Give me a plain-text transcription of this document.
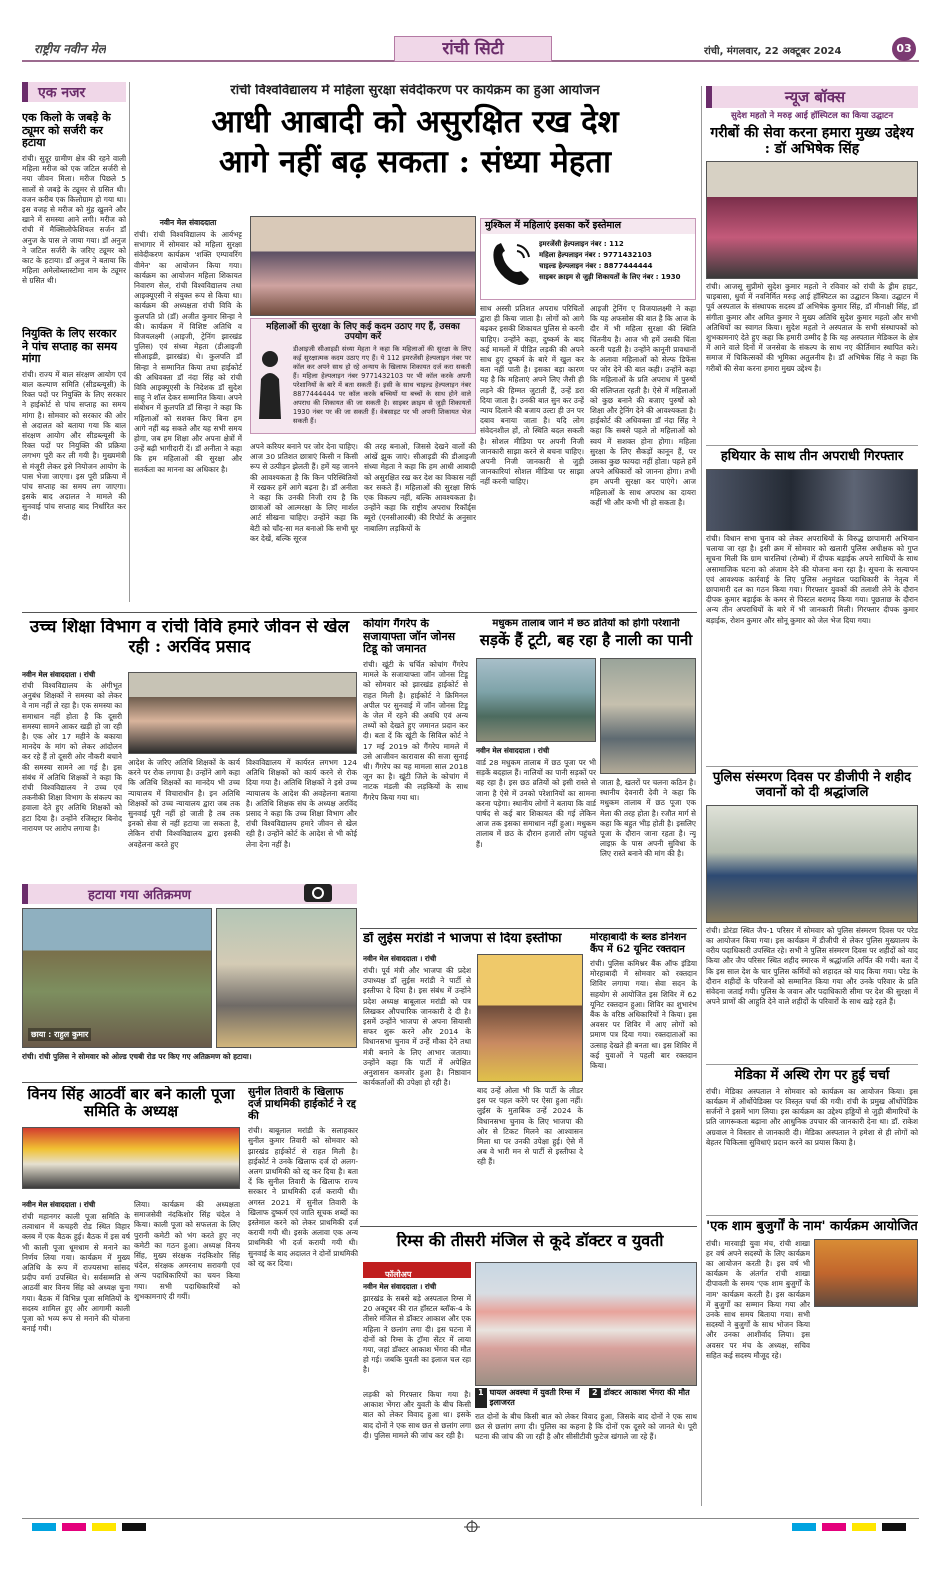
राष्ट्रीय नवीन मेल	रांची सिटी	रांची, मंगलवार, 22 अक्टूबर 2024	03
एक नजर
एक किलो के जबड़े के ट्यूमर को सर्जरी कर हटाया
रांची। सुदूर ग्रामीण क्षेत्र की रहने वाली महिला मरीज को एक जटिल सर्जरी से नया जीवन मिला। मरीज पिछले 5 सालों से जबड़े के ट्यूमर से ग्रसित थी। वजन करीब एक किलोग्राम हो गया था। इस वजह से मरीज को मुंह खुलने और खाने में समस्या आने लगी। मरीज को रांची में मैक्सिलोफेशियल सर्जन डॉ अनुज के पास ले जाया गया। डॉ अनुज ने जटिल सर्जरी के जरिए ट्यूमर को काट के हटाया। डॉ अनुज ने बताया कि महिला अमेलोब्लास्टोमा नाम के ट्यूमर से ग्रसित थी।
नियुक्ति के लिए सरकार ने पांच सप्ताह का समय मांगा
रांची। राज्य में बाल संरक्षण आयोग एवं बाल कल्याण समिति (सीडब्ल्यूसी) के रिक्त पदों पर नियुक्ति के लिए सरकार ने हाईकोर्ट से पांच सप्ताह का समय मांगा है। सोमवार को सरकार की ओर से अदालत को बताया गया कि बाल संरक्षण आयोग और सीडब्ल्यूसी के रिक्त पदों पर नियुक्ति की प्रक्रिया लगभग पूरी कर ली गयी है। मुख्यमंत्री से मंजूरी लेकर इसे नियोजन आयोग के पास भेजा जाएगा। इस पूरी प्रक्रिया में पांच सप्ताह का समय लग जाएगा। इसके बाद अदालत ने मामले की सुनवाई पांच सप्ताह बाद निर्धारित कर दी।
रांची विश्वविद्यालय में महिला सुरक्षा संवेदीकरण पर कार्यक्रम का हुआ आयोजन
आधी आबादी को असुरक्षित रख देश
आगे नहीं बढ़ सकता : संध्या मेहता
नवीन मेल संवाददाता
रांची। रांची विश्वविद्यालय के आर्यभट्ट सभागार में सोमवार को महिला सुरक्षा संवेदीकरण कार्यक्रम 'शक्ति एम्पावरिंग वीमेन' का आयोजन किया गया। कार्यक्रम का आयोजन महिला शिकायत निवारण सेल, रांची विश्वविद्यालय तथा आइक्यूएसी ने संयुक्त रूप से किया था। कार्यक्रम की अध्यक्षता रांची विवि के कुलपति प्रो (डॉ) अजीत कुमार सिन्हा ने की। कार्यक्रम में विशिष्ट अतिथि व विजयलक्ष्मी (आइजी, ट्रेनिंग झारखंड पुलिस) एवं संध्या मेहता (डीआइजी सीआइडी, झारखंड) थे। कुलपति डॉ सिन्हा ने सम्मानित किया तथा हाईकोर्ट की अधिवक्ता डॉ नंदा सिंह को रांची विवि आइक्यूएसी के निदेशक डॉ सुदेश साहू ने शॉल देकर सम्मानित किया। अपने संबोधन में कुलपति डॉ सिन्हा ने कहा कि महिलाओं को सशक्त किए बिना हम आगे नहीं बढ़ सकते और यह सभी समय होगा, जब हम शिक्षा और अपना क्षेत्रों में उन्हें बढ़ी भागीदारी दें। डॉ अनीता ने कहा कि हम महिलाओं की सुरक्षा और सतर्कता का मानना का अधिकार है।
महिलाओं की सुरक्षा के लिए कई कदम उठाए गए हैं, उसका उपयोग करें
डीआइजी सीआइडी संध्या मेहता ने कहा कि महिलाओं की सुरक्षा के लिए कई सुरक्षात्मक कदम उठाए गए हैं। ये 112 इमरजेंसी हेल्पलाइन नंबर पर कॉल कर अपने साथ हो रहे अन्याय के खिलाफ शिकायत दर्ज करा सकती हैं। महिला हेल्पलाइन नंबर 9771432103 पर भी कॉल करके अपनी परेशानियों के बारे में बता सकती हैं। इसी के साथ चाइल्ड हेल्पलाइन नंबर 8877444444 पर कॉल करके बच्चियों या बच्चों के साथ होने वाले अपराध की शिकायत की जा सकती है। साइबर क्राइम से जुड़ी शिकायतों 1930 नंबर पर की जा सकती हैं। वेबसाइट पर भी अपनी शिकायत भेज सकती हैं।
मुश्किल में महिलाएं इसका करें इस्तेमाल
इमरजेंसी हेल्पलाइन नंबर : 112
महिला हेल्पलाइन नंबर : 9771432103
चाइल्ड हेल्पलाइन नंबर : 8877444444
साइबर क्राइम से जुड़ी शिकायतों के लिए नंबर : 1930
अपने करियर बनाने पर जोर देना चाहिए। आज 30 प्रतिशत छात्राएं किसी न किसी रूप से उत्पीड़न झेलती हैं। हमें यह जानने की आवश्यकता है कि किन परिस्थितियों में रखकर हमें आगे बढ़ना है। डॉ अनीता ने कहा कि उनकी निजी राय है कि छात्राओं को आत्मरक्षा के लिए मार्शल आर्ट सीखना चाहिए। उन्होंने कहा कि बेटी को चाँद-सा मत बनाओ कि सभी घूर कर देखें, बल्कि सूरज
की तरह बनाओ, जिससे देखने वालों की आंखें झुक जाएं। सीआइडी की डीआइजी संध्या मेहता ने कहा कि हम आधी आबादी को असुरक्षित रख कर देश का विकास नहीं कर सकते हैं। महिलाओं की सुरक्षा सिर्फ एक विकल्प नहीं, बल्कि आवश्यकता है। उन्होंने कहा कि राष्ट्रीय अपराध रिकॉर्ड्स ब्यूरो (एनसीआरबी) की रिपोर्ट के अनुसार नाबालिग लड़कियों के
साथ अस्सी प्रतिशत अपराध परिचितों द्वारा ही किया जाता है। लोगों को आगे बढ़कर इसकी शिकायत पुलिस से करनी चाहिए। उन्होंने कहा, दुष्कर्म के बाद कई मामलों में पीड़ित लड़की की अपने साथ हुए दुष्कर्म के बारे में खुल कर बता नहीं पाती है। इसका बड़ा कारण यह है कि महिलाएं अपने लिए जैसी ही लड़ने की हिम्मत जुटाती हैं, उन्हें डरा दिया जाता है। उनकी बात सुन कर उन्हें न्याय दिलाने की बजाय उल्टा ही उन पर दबाव बनाया जाता है। यदि लोग संवेदनशील हों, तो स्थिति बदल सकती है। सोशल मीडिया पर अपनी निजी जानकारी साझा करने से बचना चाहिए। अपनी निजी जानकारी से जुड़ी जानकारियां सोशल मीडिया पर साझा नहीं करनी चाहिए।
आइजी ट्रेनिंग ए विजयालक्ष्मी ने कहा कि यह अफसोस की बात है कि आज के दौर में भी महिला सुरक्षा की स्थिति चिंतनीय है। आज भी हमें उसकी चिंता करनी पड़ती है। उन्होंने कानूनी प्रावधानों के अलावा महिलाओं को सेल्फ डिफेंस पर जोर देने की बात कही। उन्होंने कहा कि महिलाओं के प्रति अपराध में पुरुषों की संलिप्तता रहती है। ऐसे में महिलाओं को कुछ बनाने की बजाए पुरुषों को शिक्षा और ट्रेनिंग देने की आवश्यकता है। हाईकोर्ट की अधिवक्ता डॉ नंदा सिंह ने कहा कि सबसे पहले तो महिलाओं को स्वयं में सशक्त होना होगा। महिला सुरक्षा के लिए सैकड़ों कानून हैं, पर उसका कुछ फायदा नहीं होता। पहले हमें अपने अधिकारों को जानना होगा। तभी हम अपनी सुरक्षा कर पाएंगे। आज महिलाओं के साथ अपराध का दायरा कहीं भी और कभी भी हो सकता है।
न्यूज बॉक्स
सुदेश महतो ने मरुड़ आई हॉस्पिटल का किया उद्घाटन
गरीबों की सेवा करना हमारा मुख्य उद्देश्य : डॉ अभिषेक सिंह
रांची। आजसू सुप्रीमो सुदेश कुमार महतो ने रविवार को रांची के ड्रीम हाइट, चाइबासा, धुर्वा में नवनिर्मित मरुड़ आई हॉस्पिटल का उद्घाटन किया। उद्घाटन में पूर्व अस्पताल के संस्थापक सदस्य डॉ अभिषेक कुमार सिंह, डॉ मीनाक्षी सिंह, डॉ संगीता कुमार और अमित कुमार ने मुख्य अतिथि सुदेश कुमार महतो और सभी अतिथियों का स्वागत किया। सुदेश महतो ने अस्पताल के सभी संस्थापकों को शुभकामनाएं देते हुए कहा कि हमारी उम्मीद है कि यह अस्पताल मेडिकल के क्षेत्र में आने वाले दिनों में जनसेवा के संकल्प के साथ नए कीर्तिमान स्थापित करे। समाज में चिकित्सकों की भूमिका अतुलनीय है। डॉ अभिषेक सिंह ने कहा कि गरीबों की सेवा करना हमारा मुख्य उद्देश्य है।
हथियार के साथ तीन अपराधी गिरफ्तार
रांची। विधान सभा चुनाव को लेकर अपराधियों के विरुद्ध छापामारी अभियान चलाया जा रहा है। इसी क्रम में सोमवार को खलारी पुलिस अधीक्षक को गुप्त सूचना मिली कि ग्राम चारलियां (रोम्बो) में दीपक बड़ाईक अपने साथियों के साथ असामाजिक घटना को अंजाम देने की योजना बना रहा है। सूचना के सत्यापन एवं आवश्यक कार्रवाई के लिए पुलिस अनुमंडल पदाधिकारी के नेतृत्व में छापामारी दल का गठन किया गया। गिरफ्तार युवकों की तलाशी लेने के दौरान दीपक कुमार बड़ाईक के कमर से पिस्टल बरामद किया गया। पूछताछ के दौरान अन्य तीन अपराधियों के बारे में भी जानकारी मिली। गिरफ्तार दीपक कुमार बड़ाईक, रोशन कुमार और सोनू कुमार को जेल भेज दिया गया।
पुलिस संस्मरण दिवस पर डीजीपी ने शहीद जवानों को दी श्रद्धांजलि
रांची। डोरंडा स्थित जैप-1 परिसर में सोमवार को पुलिस संस्मरण दिवस पर परेड का आयोजन किया गया। इस कार्यक्रम में डीजीपी से लेकर पुलिस मुख्यालय के वरीय पदाधिकारी उपस्थित रहे। सभी ने पुलिस संस्मरण दिवस पर शहीदों को याद किया और जैप परिसर स्थित शहीद स्मारक में श्रद्धांजलि अर्पित की गयी। बता दें कि इस साल देश के चार पुलिस कर्मियों को शहादत को याद किया गया। परेड के दौरान शहीदों के परिजनों को सम्मानित किया गया और उनके परिवार के प्रति संवेदना जताई गयी। पुलिस के जवान और पदाधिकारी सीमा पर देश की सुरक्षा में अपने प्राणों की आहुति देने वाले शहीदों के परिवारों के साथ खड़े रहते हैं।
मेडिका में अस्थि रोग पर हुई चर्चा
रांची। मेडिका अस्पताल ने सोमवार को कार्यक्रम का आयोजन किया। इस कार्यक्रम में ऑर्थोपेडिक्स पर विस्तृत चर्चा की गयी। रांची के प्रमुख ऑर्थोपेडिक सर्जनों ने इसमें भाग लिया। इस कार्यक्रम का उद्देश्य हड्डियों से जुड़ी बीमारियों के प्रति जागरूकता बढ़ाना और आधुनिक उपचार की जानकारी देना था। डॉ. राकेश अग्रवाल ने विस्तार से जानकारी दी। मेडिका अस्पताल ने हमेशा से ही लोगों को बेहतर चिकित्सा सुविधाएं प्रदान करने का प्रयास किया है।
'एक शाम बुजुर्गों के नाम' कार्यक्रम आयोजित
रांची। मारवाड़ी युवा मंच, रांची शाखा हर वर्ष अपने सदस्यों के लिए कार्यक्रम का आयोजन करती है। इस वर्ष भी कार्यक्रम के अंतर्गत रांची शाखा दीपावली के समय 'एक शाम बुजुर्गों के नाम' कार्यक्रम करती है। इस कार्यक्रम में बुजुर्गों का सम्मान किया गया और उनके साथ समय बिताया गया। सभी सदस्यों ने बुजुर्गों के साथ भोजन किया और उनका आशीर्वाद लिया। इस अवसर पर मंच के अध्यक्ष, सचिव सहित कई सदस्य मौजूद रहे।
उच्च शिक्षा विभाग व रांची विवि हमारे जीवन से खेल रही : अरविंद प्रसाद
नवीन मेल संवाददाता । रांची
रांची विश्वविद्यालय के अंगीभूत अनुबंध शिक्षकों ने समस्या को लेकर वे नाम नहीं ले रहा है। एक समस्या का समाधान नहीं होता है कि दूसरी समस्या सामने आकर खड़ी हो जा रही है। एक ओर 17 महीने के बकाया मानदेय के मांग को लेकर आंदोलन कर रहे हैं तो दूसरी ओर नौकरी बचाने की समस्या सामने आ गई है। इस संबंध में अतिथि शिक्षकों ने कहा कि रांची विश्वविद्यालय ने उच्च एवं तकनीकी शिक्षा विभाग के संकल्प का हवाला देते हुए अतिथि शिक्षकों को हटा दिया है। उन्होंने रजिस्ट्रार बिनोद नारायण पर आरोप लगाया है।
आदेश के जरिए अतिथि शिक्षकों के कार्य करने पर रोक लगाया है। उन्होंने आगे कहा कि अतिथि शिक्षकों का मानदेय भी उच्च न्यायालय में विचाराधीन है। इन अतिथि शिक्षकों को उच्च न्यायालय द्वारा जब तक सुनवाई पूरी नहीं हो जाती है तब तक इनको सेवा से नहीं हटाया जा सकता है, लेकिन रांची विश्वविद्यालय द्वारा इसकी अवहेलना करते हुए
विश्वविद्यालय में कार्यरत लगभग 124 अतिथि शिक्षकों को कार्य करने से रोक दिया गया है। अतिथि शिक्षकों ने इसे उच्च न्यायालय के आदेश की अवहेलना बताया है। अतिथि शिक्षक संघ के अध्यक्ष अरविंद प्रसाद ने कहा कि उच्च शिक्षा विभाग और रांची विश्वविद्यालय हमारे जीवन से खेल रही है। उन्होंने कोर्ट के आदेश से भी कोई लेना देना नहीं है।
कोयांग गैंगरेप के सजायाफ्ता जॉन जोनस टिडू को जमानत
रांची। खूंटी के चर्चित कोचांग गैंगरेप मामले के सजायाफ्ता जॉन जोनस टिडू को सोमवार को झारखंड हाईकोर्ट से राहत मिली है। हाईकोर्ट ने क्रिमिनल अपील पर सुनवाई में जॉन जोनस टिडू के जेल में रहने की अवधि एवं अन्य तथ्यों को देखते हुए जमानत प्रदान कर दी। बता दें कि खूंटी के सिविल कोर्ट ने 17 मई 2019 को गैंगरेप मामले में उसे आजीवन कारावास की सजा सुनाई थी। गैंगरेप का यह मामला साल 2018 जून का है। खूंटी जिले के कोचांग में नाटक मंडली की लड़कियों के साथ गैंगरेप किया गया था।
मधुकम तालाब जाने में छठ व्रतियों को होगी परेशानी
सड़कें हैं टूटी, बह रहा है नाली का पानी
नवीन मेल संवाददाता । रांची
वार्ड 28 मधुकम तालाब में छठ पूजा पर भी सड़कें बदहाल हैं। नालियों का पानी सड़कों पर बह रहा है। इस छठ व्रतियों को इसी रास्ते से जाना है ऐसे में उनको परेशानियों का सामना करना पड़ेगा। स्थानीय लोगों ने बताया कि वार्ड पार्षद से कई बार शिकायत की गई लेकिन आज तक इसका समाधान नहीं हुआ। मधुकम तालाब में छठ के दौरान हजारों लोग पहुंचते हैं।
जाता है, खतरों पर चलना कठिन है। स्थानीय देवनारी देवी ने कहा कि मधुकम तालाब में छठ पूजा एक मेला की तरह होता है। रजौत मार्ग से कहा कि बहुत भीड़ होती है। इसलिए पूजा के दौरान जाना रहता है। न्यू लाइफ़ के पास अपनी सुविधा के लिए रास्ते बनाने की मांग की है।
हटाया गया अतिक्रमण
छाया : राहुल कुमार
रांची। रांची पुलिस ने सोमवार को ओल्ड एचबी रोड पर किए गए अतिक्रमण को हटाया।
डॉ लुईस मरांडी ने भाजपा से दिया इस्तीफा
नवीन मेल संवाददाता । रांची
रांची। पूर्व मंत्री और भाजपा की प्रदेश उपाध्यक्ष डॉ लुईस मरांडी ने पार्टी से इस्तीफा दे दिया है। इस संबंध में उन्होंने प्रदेश अध्यक्ष बाबूलाल मरांडी को पत्र लिखकर औपचारिक जानकारी दे दी है। इसमें उन्होंने भाजपा से अपना सियासी सफर शुरू करने और 2014 के विधानसभा चुनाव में उन्हें मौका देने तथा मंत्री बनाने के लिए आभार जताया। उन्होंने कहा कि पार्टी में अपेक्षित अनुशासन कमजोर हुआ है। निष्ठावान कार्यकर्ताओं की उपेक्षा हो रही है।
बाद उन्हें ओला भी कि पार्टी के लीडर इस पर पहल करेंगे पर ऐसा हुआ नहीं। लुईस के मुताबिक उन्हें 2024 के विधानसभा चुनाव के लिए भाजपा की ओर से टिकट मिलने का आश्वासन मिला था पर उनकी उपेक्षा हुई। ऐसे में अब वे भारी मन से पार्टी से इस्तीफा दे रही हैं।
मोरहाबादी के ब्लड डोनेशन कैंप में 62 यूनिट रक्तदान
रांची। पुलिस कमिश्नर बैंक ऑफ इंडिया मोरहाबादी में सोमवार को रक्तदान शिविर लगाया गया। सेवा सदन के सहयोग से आयोजित इस शिविर में 62 यूनिट रक्तदान हुआ। शिविर का शुभारंभ बैंक के वरिष्ठ अधिकारियों ने किया। इस अवसर पर शिविर में आए लोगों को प्रमाण पत्र दिया गया। रक्तदाताओं का उत्साह देखते ही बनता था। इस शिविर में कई युवाओं ने पहली बार रक्तदान किया।
विनय सिंह आठवीं बार बने काली पूजा समिति के अध्यक्ष
नवीन मेल संवाददाता । रांची
रांची महानगर काली पूजा समिति के तत्वाधान में कचहरी रोड स्थित विहार क्लब में एक बैठक हुई। बैठक में इस वर्ष भी काली पूजा धूमधाम से मनाने का निर्णय लिया गया। कार्यक्रम में मुख्य अतिथि के रूप में राज्यसभा सांसद प्रदीप वर्मा उपस्थित थे। सर्वसम्मति से आठवीं बार विनय सिंह को अध्यक्ष चुना गया। बैठक में विभिन्न पूजा समितियों के सदस्य शामिल हुए और आगामी काली पूजा को भव्य रूप से मनाने की योजना बनाई गयी।
लिया। कार्यक्रम की अध्यक्षता समाजसेवी नंदकिशोर सिंह चंदेल ने किया। काली पूजा को सफलता के लिए पुरानी कमेटी को भंग करते हुए नए कमेटी का गठन हुआ। अध्यक्ष विनय सिंह, मुख्य संरक्षक नंदकिशोर सिंह चंदेल, संरक्षक अमरनाथ सरावगी एवं अन्य पदाधिकारियों का चयन किया गया। सभी पदाधिकारियों को शुभकामनाएं दी गयीं।
सुनील तिवारी के खिलाफ दर्ज प्राथमिकी हाईकोर्ट ने रद्द की
रांची। बाबूलाल मरांडी के सलाहकार सुनील कुमार तिवारी को सोमवार को झारखंड हाईकोर्ट से राहत मिली है। हाईकोर्ट ने उनके खिलाफ दर्ज दो अलग-अलग प्राथमिकी को रद्द कर दिया है। बता दें कि सुनील तिवारी के खिलाफ राज्य सरकार ने प्राथमिकी दर्ज करायी थी। अगस्त 2021 में सुनील तिवारी के खिलाफ दुष्कर्म एवं जाति सूचक शब्दों का इस्तेमाल करने को लेकर प्राथमिकी दर्ज करायी गयी थी। इसके अलावा एक अन्य प्राथमिकी भी दर्ज करायी गयी थी। सुनवाई के बाद अदालत ने दोनों प्राथमिकी को रद्द कर दिया।
रिम्स की तीसरी मंजिल से कूदे डॉक्टर व युवती
फॉलोअप
नवीन मेल संवाददाता । रांची
झारखंड के सबसे बड़े अस्पताल रिम्स में 20 अक्टूबर की रात हॉस्टल ब्लॉक-4 के तीसरे मंजिल से डॉक्टर आकाश और एक महिला ने छलांग लगा दी। इस घटना में दोनों को रिम्स के ट्रॉमा सेंटर में लाया गया, जहां डॉक्टर आकाश भेंगरा की मौत हो गई। जबकि युवती का इलाज चल रहा है।
1 घायल अवस्था में युवती रिम्स में इलाजरत
2 डॉक्टर आकाश भेंगरा की मौत
लड़की को गिरफ्तार किया गया है। आकाश भेंगरा और युवती के बीच किसी बात को लेकर विवाद हुआ था। इसके बाद दोनों ने एक साथ छत से छलांग लगा दी। पुलिस मामले की जांच कर रही है।
रात दोनों के बीच किसी बात को लेकर विवाद हुआ, जिसके बाद दोनों ने एक साथ छत से छलांग लगा दी। पुलिस का कहना है कि दोनों एक दूसरे को जानते थे। पूरी घटना की जांच की जा रही है और सीसीटीवी फुटेज खंगाले जा रहे हैं।
